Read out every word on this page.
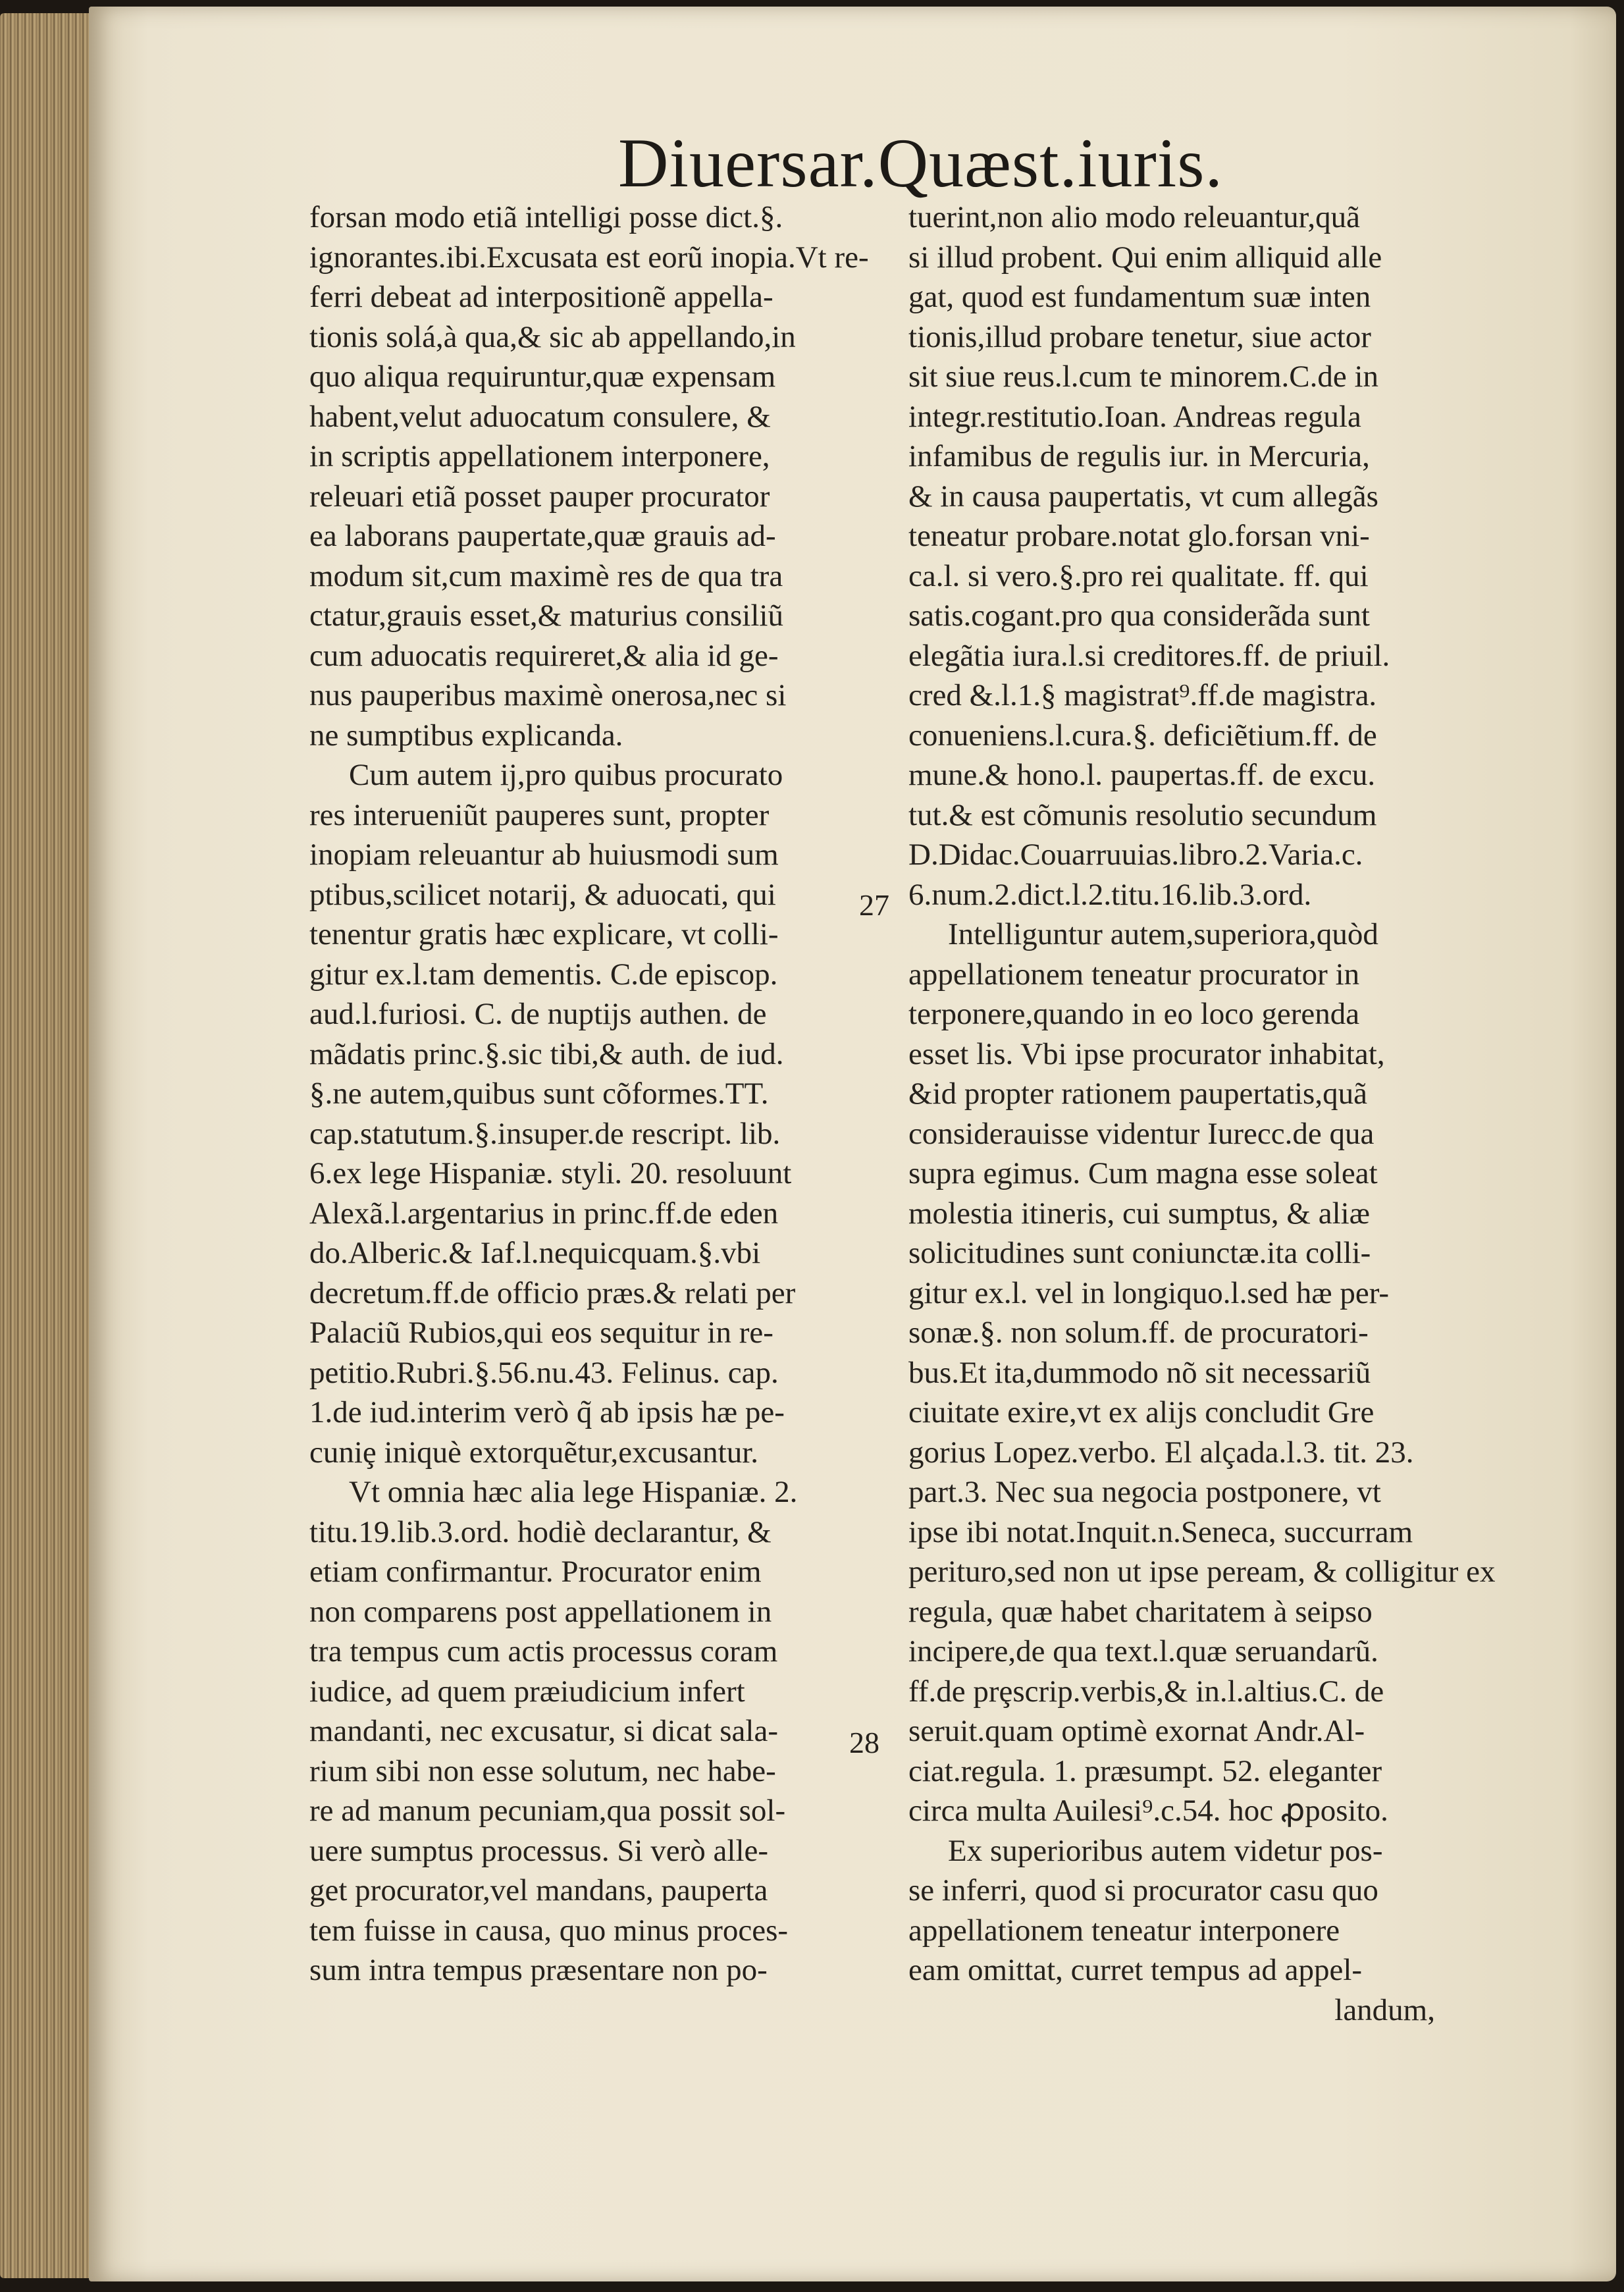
Diuersar.Quæst.iuris.
forsan modo etiã intelligi posse dict.§.
ignorantes.ibi.Excusata est eorũ inopia.Vt re-
ferri debeat ad interpositionẽ appella-
tionis solá,à qua,& sic ab appellando,in
quo aliqua requiruntur,quæ expensam
habent,velut aduocatum consulere, &
in scriptis appellationem interponere,
releuari etiã posset pauper procurator
ea laborans paupertate,quæ grauis ad-
modum sit,cum maximè res de qua tra
ctatur,grauis esset,& maturius consiliũ
cum aduocatis requireret,& alia id ge-
nus pauperibus maximè onerosa,nec si
ne sumptibus explicanda.
Cum autem ij,pro quibus procurato
res interueniũt pauperes sunt, propter
inopiam releuantur ab huiusmodi sum
ptibus,scilicet notarij, & aduocati, qui
tenentur gratis hæc explicare, vt colli-
gitur ex.l.tam dementis. C.de episcop.
aud.l.furiosi. C. de nuptijs authen. de
mãdatis princ.§.sic tibi,& auth. de iud.
§.ne autem,quibus sunt cõformes.TT.
cap.statutum.§.insuper.de rescript. lib.
6.ex lege Hispaniæ. styli. 20. resoluunt
Alexã.l.argentarius in princ.ff.de eden
do.Alberic.& Iaf.l.nequicquam.§.vbi
decretum.ff.de officio præs.& relati per
Palaciũ Rubios,qui eos sequitur in re-
petitio.Rubri.§.56.nu.43. Felinus. cap.
1.de iud.interim verò q̃ ab ipsis hæ pe-
cuniȩ iniquè extorquẽtur,excusantur.
Vt omnia hæc alia lege Hispaniæ. 2.
titu.19.lib.3.ord. hodiè declarantur, &
etiam confirmantur. Procurator enim
non comparens post appellationem in
tra tempus cum actis processus coram
iudice, ad quem præiudicium infert
mandanti, nec excusatur, si dicat sala-
rium sibi non esse solutum, nec habe-
re ad manum pecuniam,qua possit sol-
uere sumptus processus. Si verò alle-
get procurator,vel mandans, pauperta
tem fuisse in causa, quo minus proces-
sum intra tempus præsentare non po-
tuerint,non alio modo releuantur,quã
si illud probent. Qui enim alliquid alle
gat, quod est fundamentum suæ inten
tionis,illud probare tenetur, siue actor
sit siue reus.l.cum te minorem.C.de in
integr.restitutio.Ioan. Andreas regula
infamibus de regulis iur. in Mercuria,
& in causa paupertatis, vt cum allegãs
teneatur probare.notat glo.forsan vni-
ca.l. si vero.§.pro rei qualitate. ff. qui
satis.cogant.pro qua considerãda sunt
elegãtia iura.l.si creditores.ff. de priuil.
cred &.l.1.§ magistrat⁹.ff.de magistra.
conueniens.l.cura.§. deficiẽtium.ff. de
mune.& hono.l. paupertas.ff. de excu.
tut.& est cõmunis resolutio secundum
D.Didac.Couarruuias.libro.2.Varia.c.
6.num.2.dict.l.2.titu.16.lib.3.ord.
Intelliguntur autem,superiora,quòd
appellationem teneatur procurator in
terponere,quando in eo loco gerenda
esset lis. Vbi ipse procurator inhabitat,
&id propter rationem paupertatis,quã
considerauisse videntur Iurecc.de qua
supra egimus. Cum magna esse soleat
molestia itineris, cui sumptus, & aliæ
solicitudines sunt coniunctæ.ita colli-
gitur ex.l. vel in longiquo.l.sed hæ per-
sonæ.§. non solum.ff. de procuratori-
bus.Et ita,dummodo nõ sit necessariũ
ciuitate exire,vt ex alijs concludit Gre
gorius Lopez.verbo. El alçada.l.3. tit. 23.
part.3. Nec sua negocia postponere, vt
ipse ibi notat.Inquit.n.Seneca, succurram
perituro,sed non ut ipse peream, & colligitur ex
regula, quæ habet charitatem à seipso
incipere,de qua text.l.quæ seruandarũ.
ff.de prȩscrip.verbis,& in.l.altius.C. de
seruit.quam optimè exornat Andr.Al-
ciat.regula. 1. præsumpt. 52. eleganter
circa multa Auilesi⁹.c.54. hoc ꝓposito.
Ex superioribus autem videtur pos-
se inferri, quod si procurator casu quo
appellationem teneatur interponere
eam omittat, curret tempus ad appel-
landum,
27
28
